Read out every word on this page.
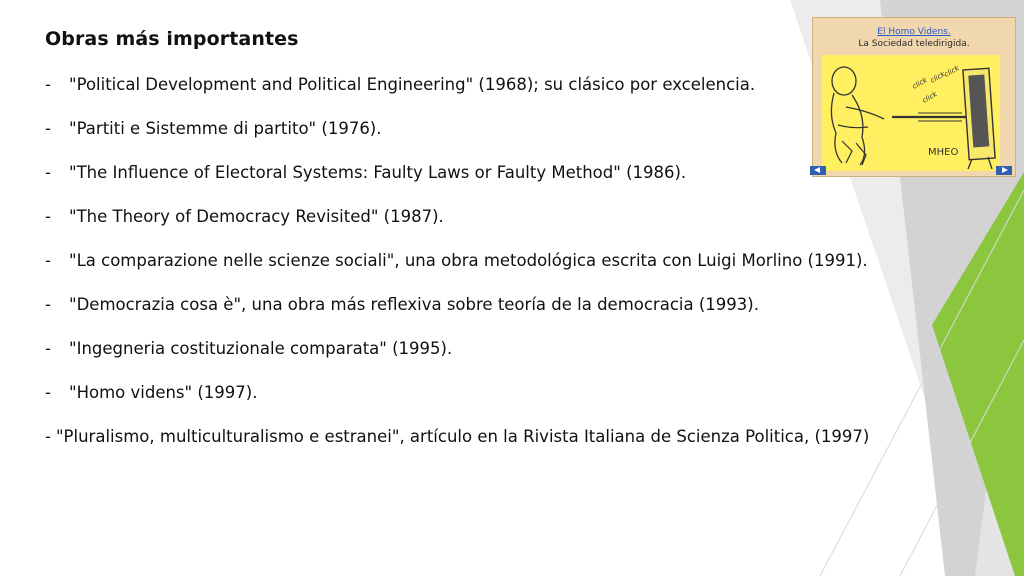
Obras más importantes
- "Political Development and Political Engineering" (1968); su clásico por excelencia.
- "Partiti e Sistemme di partito" (1976).
- "The Influence of Electoral Systems: Faulty Laws or Faulty Method" (1986).
- "The Theory of Democracy Revisited" (1987).
- "La comparazione nelle scienze sociali", una obra metodológica escrita con Luigi Morlino (1991).
- "Democrazia cosa è", una obra más reflexiva sobre teoría de la democracia (1993).
- "Ingegneria costituzionale comparata" (1995).
- "Homo videns" (1997).
- "Pluralismo, multiculturalismo e estranei", artículo en la Rivista Italiana de Scienza Politica, (1997)
El Homo Videns.
La Sociedad teledirigida.
click click
click
click
MHEO
